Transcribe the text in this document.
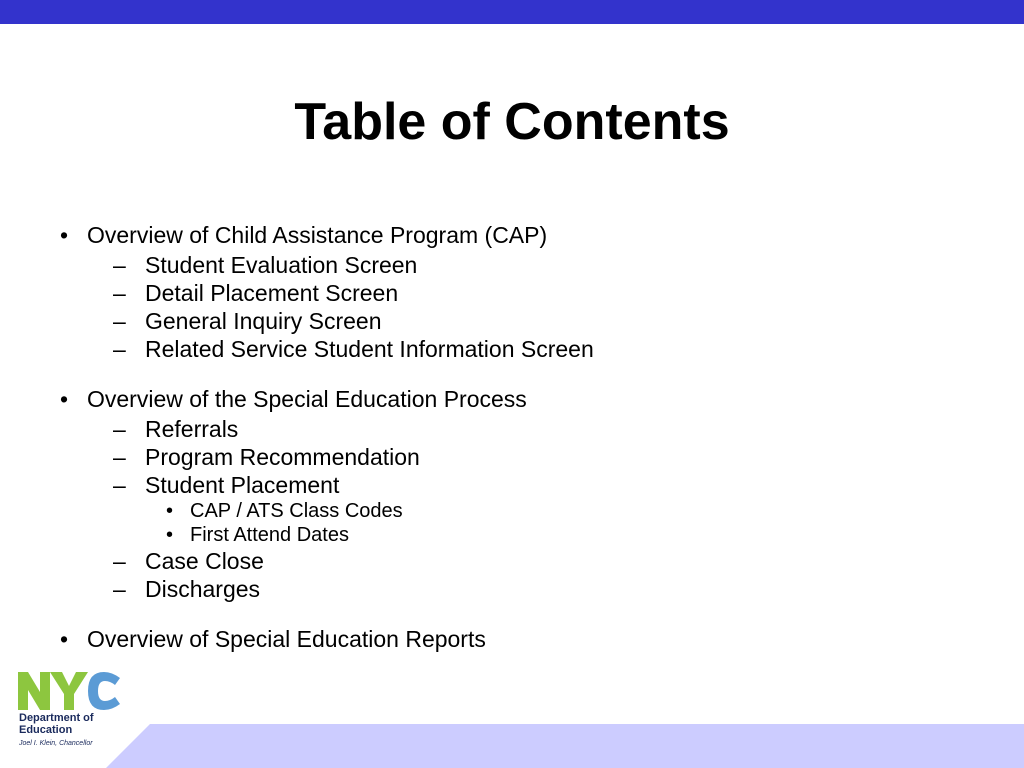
Table of Contents
• Overview of Child Assistance Program (CAP)
– Student Evaluation Screen
– Detail Placement Screen
– General Inquiry Screen
– Related Service Student Information Screen
• Overview of the Special Education Process
– Referrals
– Program Recommendation
– Student Placement
• CAP / ATS Class Codes
• First Attend Dates
– Case Close
– Discharges
• Overview of Special Education Reports
Department of
Education
Joel I. Klein, Chancellor
